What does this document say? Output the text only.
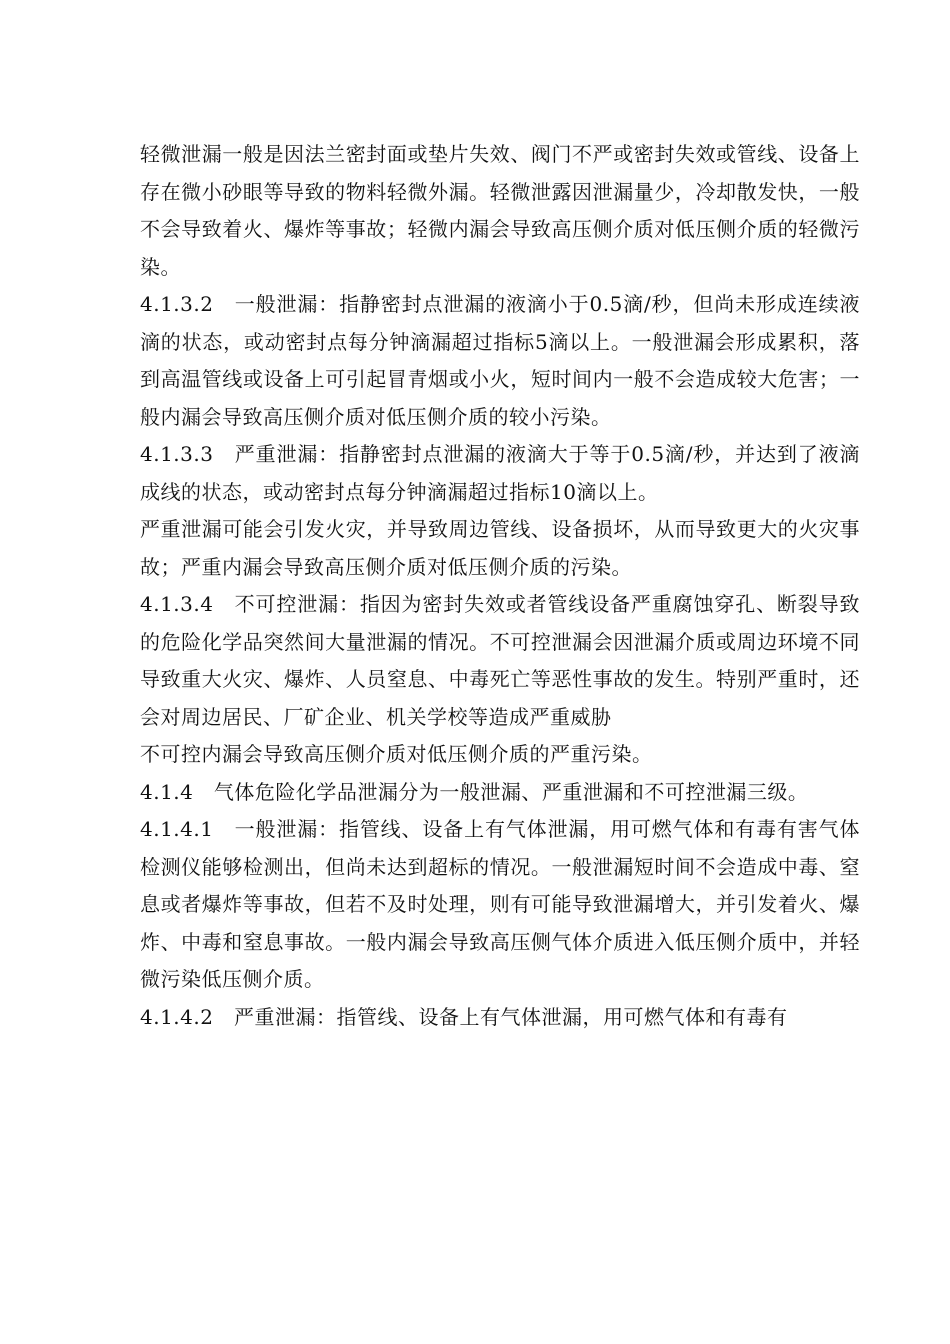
轻微泄漏一般是因法兰密封面或垫片失效、阀门不严或密封失效或管线、设备上存在微小砂眼等导致的物料轻微外漏。轻微泄露因泄漏量少，冷却散发快，一般不会导致着火、爆炸等事故；轻微内漏会导致高压侧介质对低压侧介质的轻微污染。

4.1.3.2　一般泄漏：指静密封点泄漏的液滴小于0.5滴/秒，但尚未形成连续液滴的状态，或动密封点每分钟滴漏超过指标5滴以上。一般泄漏会形成累积，落到高温管线或设备上可引起冒青烟或小火，短时间内一般不会造成较大危害；一般内漏会导致高压侧介质对低压侧介质的较小污染。

4.1.3.3　严重泄漏：指静密封点泄漏的液滴大于等于0.5滴/秒，并达到了液滴成线的状态，或动密封点每分钟滴漏超过指标10滴以上。

严重泄漏可能会引发火灾，并导致周边管线、设备损坏，从而导致更大的火灾事故；严重内漏会导致高压侧介质对低压侧介质的污染。

4.1.3.4　不可控泄漏：指因为密封失效或者管线设备严重腐蚀穿孔、断裂导致的危险化学品突然间大量泄漏的情况。不可控泄漏会因泄漏介质或周边环境不同导致重大火灾、爆炸、人员窒息、中毒死亡等恶性事故的发生。特别严重时，还会对周边居民、厂矿企业、机关学校等造成严重威胁

不可控内漏会导致高压侧介质对低压侧介质的严重污染。

4.1.4　气体危险化学品泄漏分为一般泄漏、严重泄漏和不可控泄漏三级。

4.1.4.1　一般泄漏：指管线、设备上有气体泄漏，用可燃气体和有毒有害气体检测仪能够检测出，但尚未达到超标的情况。一般泄漏短时间不会造成中毒、窒息或者爆炸等事故，但若不及时处理，则有可能导致泄漏增大，并引发着火、爆炸、中毒和窒息事故。一般内漏会导致高压侧气体介质进入低压侧介质中，并轻微污染低压侧介质。

4.1.4.2　严重泄漏：指管线、设备上有气体泄漏，用可燃气体和有毒有
